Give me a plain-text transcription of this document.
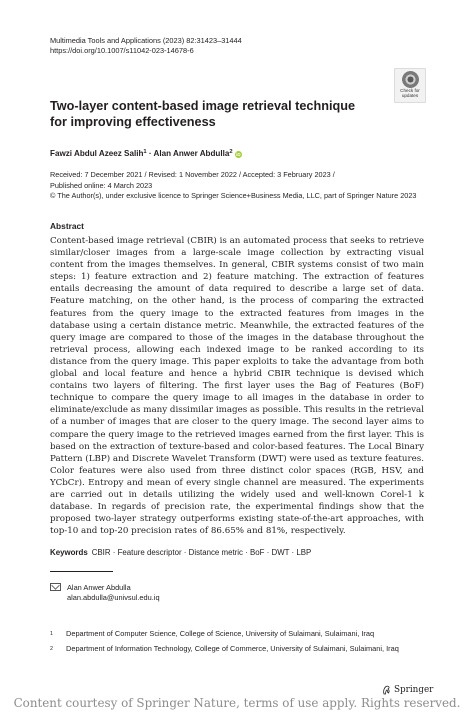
Multimedia Tools and Applications (2023) 82:31423–31444
https://doi.org/10.1007/s11042-023-14678-6
Check for
updates
Two-layer content-based image retrieval technique
for improving effectiveness
Fawzi Abdul Azeez Salih$^1$ · Alan Anwer Abdulla$^2$ iD
Received: 7 December 2021 / Revised: 1 November 2022 / Accepted: 3 February 2023 /
Published online: 4 March 2023
© The Author(s), under exclusive licence to Springer Science+Business Media, LLC, part of Springer Nature 2023
Abstract
Content-based image retrieval (CBIR) is an automated process that seeks to retrieve similar/closer images from a large-scale image collection by extracting visual content from the images themselves. In general, CBIR systems consist of two main steps: 1) feature extraction and 2) feature matching. The extraction of features entails decreasing the amount of data required to describe a large set of data. Feature matching, on the other hand, is the process of comparing the extracted features from the query image to the extracted features from images in the database using a certain distance metric. Meanwhile, the extracted features of the query image are compared to those of the images in the database throughout the retrieval process, allowing each indexed image to be ranked according to its distance from the query image. This paper exploits to take the advantage from both global and local feature and hence a hybrid CBIR technique is devised which contains two layers of filtering. The first layer uses the Bag of Features (BoF) technique to compare the query image to all images in the database in order to eliminate/exclude as many dissimilar images as possible. This results in the retrieval of a number of images that are closer to the query image. The second layer aims to compare the query image to the retrieved images earned from the first layer. This is based on the extraction of texture-based and color-based features. The Local Binary Pattern (LBP) and Discrete Wavelet Transform (DWT) were used as texture features. Color features were also used from three distinct color spaces (RGB, HSV, and YCbCr). Entropy and mean of every single channel are measured. The experiments are carried out in details utilizing the widely used and well-known Corel-1 k database. In regards of precision rate, the experimental findings show that the proposed two-layer strategy outperforms existing state-of-the-art approaches, with top-10 and top-20 precision rates of 86.65% and 81%, respectively.
Keywords CBIR · Feature descriptor · Distance metric · BoF · DWT · LBP
Alan Anwer Abdulla
alan.abdulla@univsul.edu.iq
1	Department of Computer Science, College of Science, University of Sulaimani, Sulaimani, Iraq
2	Department of Information Technology, College of Commerce, University of Sulaimani, Sulaimani, Iraq
Springer
Content courtesy of Springer Nature, terms of use apply. Rights reserved.
